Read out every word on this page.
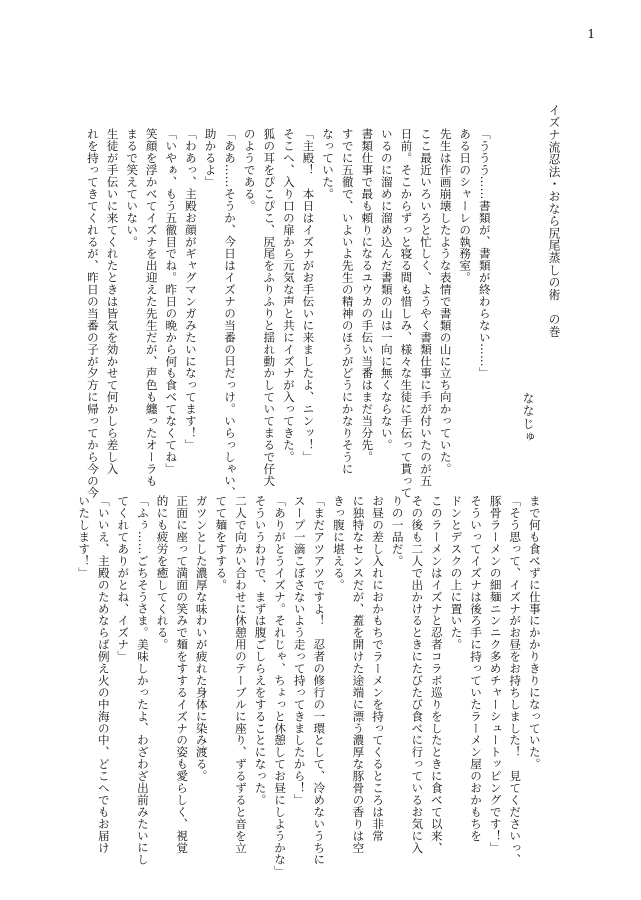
1
イズナ流忍法・おなら尻尾蒸しの術　の巻
ななじゅ

「ううう……書類が、書類が終わらない……」

ある日のシャーレの執務室。

先生は作画崩壊したような表情で書類の山に立ち向かっていた。

ここ最近いろいろと忙しく、ようやく書類仕事に手が付いたのが五

日前。そこからずっと寝る間も惜しみ、様々な生徒に手伝って貰って

いるのに溜めに溜め込んだ書類の山は一向に無くならない。

書類仕事で最も頼りになるユウカの手伝い当番はまだ当分先。

すでに五徹で、いよいよ先生の精神のほうがどうにかなりそうに

なっていた。

「主殿！　本日はイズナがお手伝いに来ましたよ、ニンッ！」

そこへ、入り口の扉から元気な声と共にイズナが入ってきた。

狐の耳をぴこぴこ、尻尾をふりふりと揺れ動かしていてまるで仔犬

のようである。

「ああ……そうか、今日はイズナの当番の日だっけ。いらっしゃい、

助かるよ」

「わあっ、主殿お顔がギャグマンガみたいになってます！」

「いやぁ、もう五徹目でね。昨日の晩から何も食べてなくてね」

笑顔を浮かべてイズナを出迎えた先生だが、声色も纏ったオーラも

まるで笑えていない。

生徒が手伝いに来てくれたときは皆気を効かせて何かしら差し入

れを持ってきてくれるが、昨日の当番の子が夕方に帰ってから今の今

まで何も食べずに仕事にかかりきりになっていた。

「そう思って、イズナがお昼をお持ちしました！　見てくださいっ、

豚骨ラーメンの細麺ニンニク多めチャーシュートッピングです！」

そういってイズナは後ろ手に持っていたラーメン屋のおかもちを

ドンとデスクの上に置いた。

このラーメンはイズナと忍者コラボ巡りをしたときに食べて以来、

その後も二人で出かけるときにたびたび食べに行っているお気に入

りの一品だ。

お昼の差し入れにおかもちでラーメンを持ってくるところは非常

に独特なセンスだが、蓋を開けた途端に漂う濃厚な豚骨の香りは空

きっ腹に堪える。

「まだアツアツですよ！　忍者の修行の一環として、冷めないうちに

スープ一滴こぼさないよう走って持ってきましたから！」

「ありがとうイズナ。それじゃ、ちょっと休憩してお昼にしようかな」

そういうわけで、まずは腹ごしらえをすることになった。

二人で向かい合わせに休憩用のテーブルに座り、ずるずると音を立

てて麺をすする。

ガツンとした濃厚な味わいが疲れた身体に染み渡る。

正面に座って満面の笑みで麺をすするイズナの姿も愛らしく、視覚

的にも疲労を癒してくれる。

「ふぅ……ごちそうさま。美味しかったよ、わざわざ出前みたいにし

てくれてありがとね、イズナ」

「いいえ、主殿のためならば例え火の中海の中、どこへでもお届け

いたします！」
